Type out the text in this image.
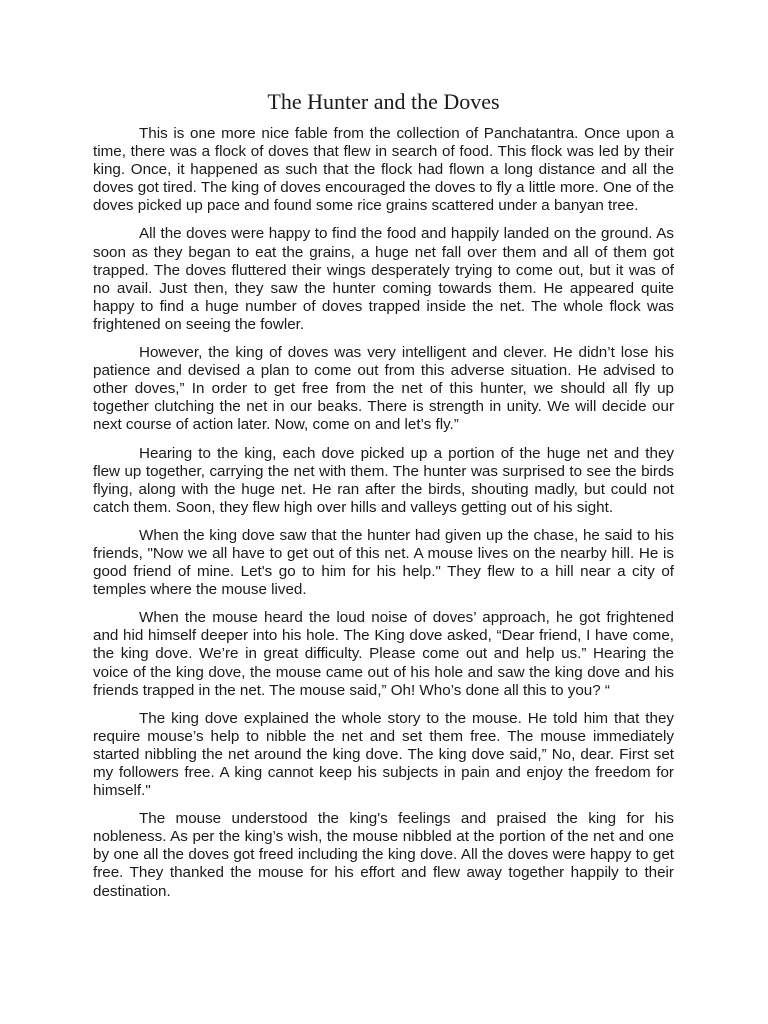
The Hunter and the Doves

This is one more nice fable from the collection of Panchatantra. Once upon a time, there was a flock of doves that flew in search of food. This flock was led by their king. Once, it happened as such that the flock had flown a long distance and all the doves got tired. The king of doves encouraged the doves to fly a little more. One of the doves picked up pace and found some rice grains scattered under a banyan tree.

All the doves were happy to find the food and happily landed on the ground. As soon as they began to eat the grains, a huge net fall over them and all of them got trapped. The doves fluttered their wings desperately trying to come out, but it was of no avail. Just then, they saw the hunter coming towards them. He appeared quite happy to find a huge number of doves trapped inside the net. The whole flock was frightened on seeing the fowler.

However, the king of doves was very intelligent and clever. He didn’t lose his patience and devised a plan to come out from this adverse situation. He advised to other doves,” In order to get free from the net of this hunter, we should all fly up together clutching the net in our beaks. There is strength in unity. We will decide our next course of action later. Now, come on and let’s fly.”

Hearing to the king, each dove picked up a portion of the huge net and they flew up together, carrying the net with them. The hunter was surprised to see the birds flying, along with the huge net. He ran after the birds, shouting madly, but could not catch them. Soon, they flew high over hills and valleys getting out of his sight.

When the king dove saw that the hunter had given up the chase, he said to his friends, "Now we all have to get out of this net. A mouse lives on the nearby hill. He is good friend of mine. Let's go to him for his help." They flew to a hill near a city of temples where the mouse lived.

When the mouse heard the loud noise of doves’ approach, he got frightened and hid himself deeper into his hole. The King dove asked, “Dear friend, I have come, the king dove. We’re in great difficulty. Please come out and help us.” Hearing the voice of the king dove, the mouse came out of his hole and saw the king dove and his friends trapped in the net. The mouse said,” Oh! Who’s done all this to you? “

The king dove explained the whole story to the mouse. He told him that they require mouse’s help to nibble the net and set them free. The mouse immediately started nibbling the net around the king dove. The king dove said,” No, dear. First set my followers free. A king cannot keep his subjects in pain and enjoy the freedom for himself."

The mouse understood the king's feelings and praised the king for his nobleness. As per the king’s wish, the mouse nibbled at the portion of the net and one by one all the doves got freed including the king dove. All the doves were happy to get free. They thanked the mouse for his effort and flew away together happily to their destination.
